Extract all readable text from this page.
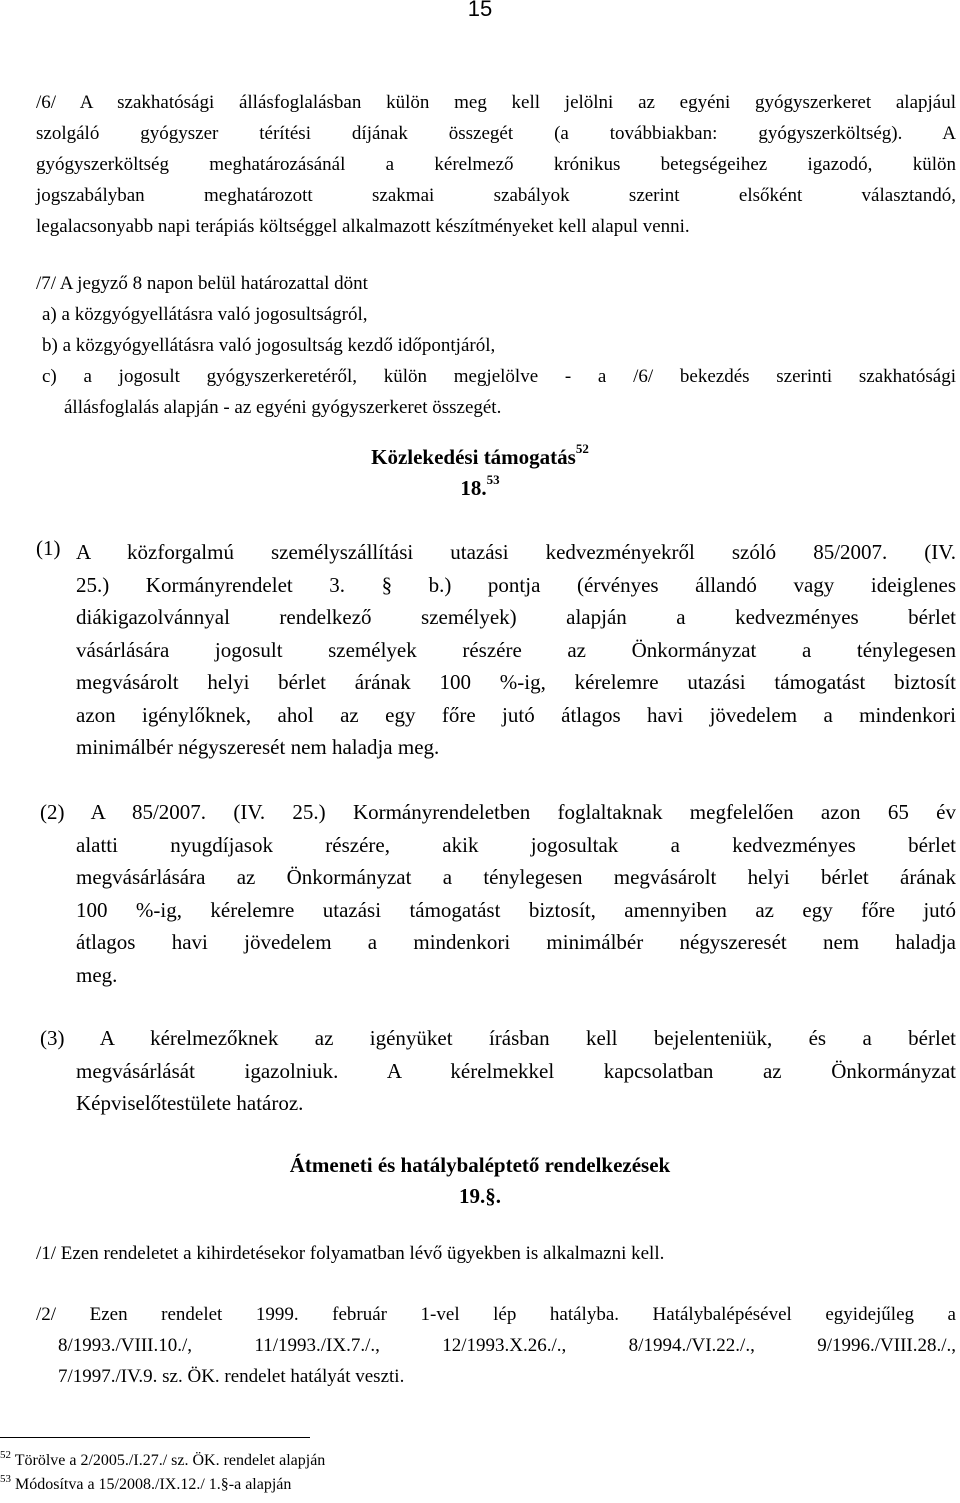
15
/6/ A szakhatósági állásfoglalásban külön meg kell jelölni az egyéni gyógyszerkeret alapjául
szolgáló gyógyszer térítési díjának összegét (a továbbiakban: gyógyszerköltség). A
gyógyszerköltség meghatározásánál a kérelmező krónikus betegségeihez igazodó, külön
jogszabályban meghatározott szakmai szabályok szerint elsőként választandó,
legalacsonyabb napi terápiás költséggel alkalmazott készítményeket kell alapul venni.
/7/ A jegyző 8 napon belül határozattal dönt
a) a közgyógyellátásra való jogosultságról,
b) a közgyógyellátásra való jogosultság kezdő időpontjáról,
c) a jogosult gyógyszerkeretéről, külön megjelölve - a /6/ bekezdés szerinti szakhatósági
állásfoglalás alapján - az egyéni gyógyszerkeret összegét.
Közlekedési támogatás$^{52}$
18.53
(1) A közforgalmú személyszállítási utazási kedvezményekről szóló 85/2007. (IV.
25.) Kormányrendelet 3. § b.) pontja (érvényes állandó vagy ideiglenes
diákigazolvánnyal rendelkező személyek) alapján a kedvezményes bérlet
vásárlására jogosult személyek részére az Önkormányzat a ténylegesen
megvásárolt helyi bérlet árának 100 %-ig, kérelemre utazási támogatást biztosít
azon igénylőknek, ahol az egy főre jutó átlagos havi jövedelem a mindenkori
minimálbér négyszeresét nem haladja meg.
(2) A 85/2007. (IV. 25.) Kormányrendeletben foglaltaknak megfelelően azon 65 év
alatti nyugdíjasok részére, akik jogosultak a kedvezményes bérlet
megvásárlására az Önkormányzat a ténylegesen megvásárolt helyi bérlet árának
100 %-ig, kérelemre utazási támogatást biztosít, amennyiben az egy főre jutó
átlagos havi jövedelem a mindenkori minimálbér négyszeresét nem haladja
meg.
(3) A kérelmezőknek az igényüket írásban kell bejelenteniük, és a bérlet
megvásárlását igazolniuk. A kérelmekkel kapcsolatban az Önkormányzat
Képviselőtestülete határoz.
Átmeneti és hatálybaléptető rendelkezések
19.§.
/1/ Ezen rendeletet a kihirdetésekor folyamatban lévő ügyekben is alkalmazni kell.
/2/ Ezen rendelet 1999. február 1-vel lép hatályba. Hatálybalépésével egyidejűleg a
8/1993./VIII.10./, 11/1993./IX.7./., 12/1993.X.26./., 8/1994./VI.22./., 9/1996./VIII.28./.,
7/1997./IV.9. sz. ÖK. rendelet hatályát veszti.
$^{52}$ Törölve a 2/2005./I.27./ sz. ÖK. rendelet alapján
$^{53}$ Módosítva a 15/2008./IX.12./ 1.§-a alapján
